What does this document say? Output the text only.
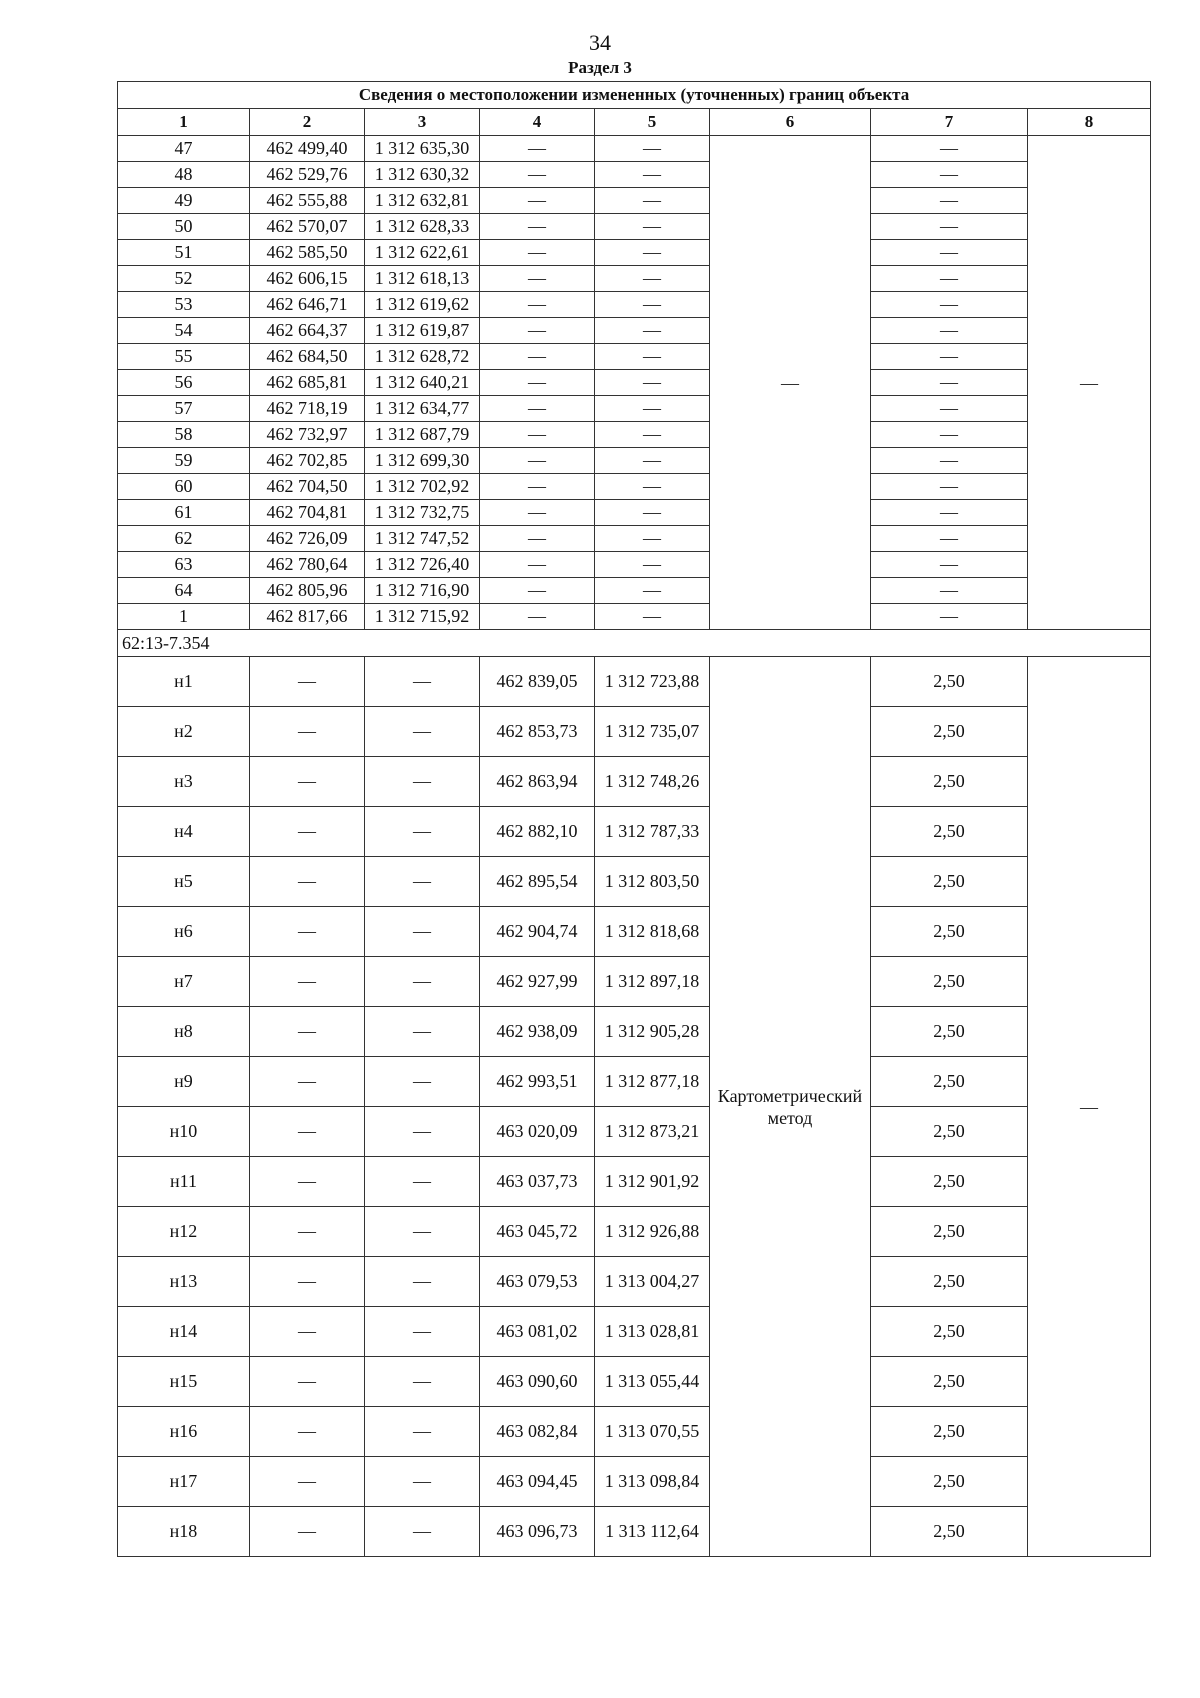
34
Раздел 3
Сведения о местоположении измененных (уточненных) границ объекта							
1	2	3	4	5	6	7	8
47	462 499,40	1 312 635,30	—	—	—	—	—
48	462 529,76	1 312 630,32	—	—		—	
49	462 555,88	1 312 632,81	—	—		—	
50	462 570,07	1 312 628,33	—	—		—	
51	462 585,50	1 312 622,61	—	—		—	
52	462 606,15	1 312 618,13	—	—		—	
53	462 646,71	1 312 619,62	—	—		—	
54	462 664,37	1 312 619,87	—	—		—	
55	462 684,50	1 312 628,72	—	—		—	
56	462 685,81	1 312 640,21	—	—		—	
57	462 718,19	1 312 634,77	—	—		—	
58	462 732,97	1 312 687,79	—	—		—	
59	462 702,85	1 312 699,30	—	—		—	
60	462 704,50	1 312 702,92	—	—		—	
61	462 704,81	1 312 732,75	—	—		—	
62	462 726,09	1 312 747,52	—	—		—	
63	462 780,64	1 312 726,40	—	—		—	
64	462 805,96	1 312 716,90	—	—		—	
1	462 817,66	1 312 715,92	—	—		—	
62:13-7.354							
н1	—	—	462 839,05	1 312 723,88	Картометрический метод	2,50	—
н2	—	—	462 853,73	1 312 735,07		2,50	
н3	—	—	462 863,94	1 312 748,26		2,50	
н4	—	—	462 882,10	1 312 787,33		2,50	
н5	—	—	462 895,54	1 312 803,50		2,50	
н6	—	—	462 904,74	1 312 818,68		2,50	
н7	—	—	462 927,99	1 312 897,18		2,50	
н8	—	—	462 938,09	1 312 905,28		2,50	
н9	—	—	462 993,51	1 312 877,18		2,50	
н10	—	—	463 020,09	1 312 873,21		2,50	
н11	—	—	463 037,73	1 312 901,92		2,50	
н12	—	—	463 045,72	1 312 926,88		2,50	
н13	—	—	463 079,53	1 313 004,27		2,50	
н14	—	—	463 081,02	1 313 028,81		2,50	
н15	—	—	463 090,60	1 313 055,44		2,50	
н16	—	—	463 082,84	1 313 070,55		2,50	
н17	—	—	463 094,45	1 313 098,84		2,50	
н18	—	—	463 096,73	1 313 112,64		2,50	
